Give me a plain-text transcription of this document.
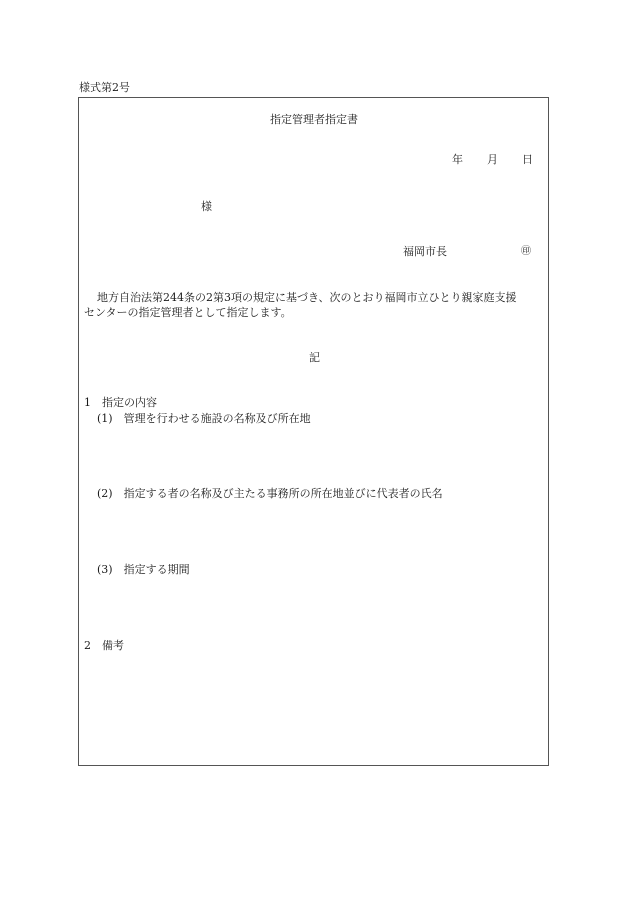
様式第2号
指定管理者指定書
年 月 日
様
福岡市長	㊞
地方自治法第244条の2第3項の規定に基づき、次のとおり福岡市立ひとり親家庭支援
センターの指定管理者として指定します。
記
1　指定の内容
(1)　管理を行わせる施設の名称及び所在地
(2)　指定する者の名称及び主たる事務所の所在地並びに代表者の氏名
(3)　指定する期間
2　備考
